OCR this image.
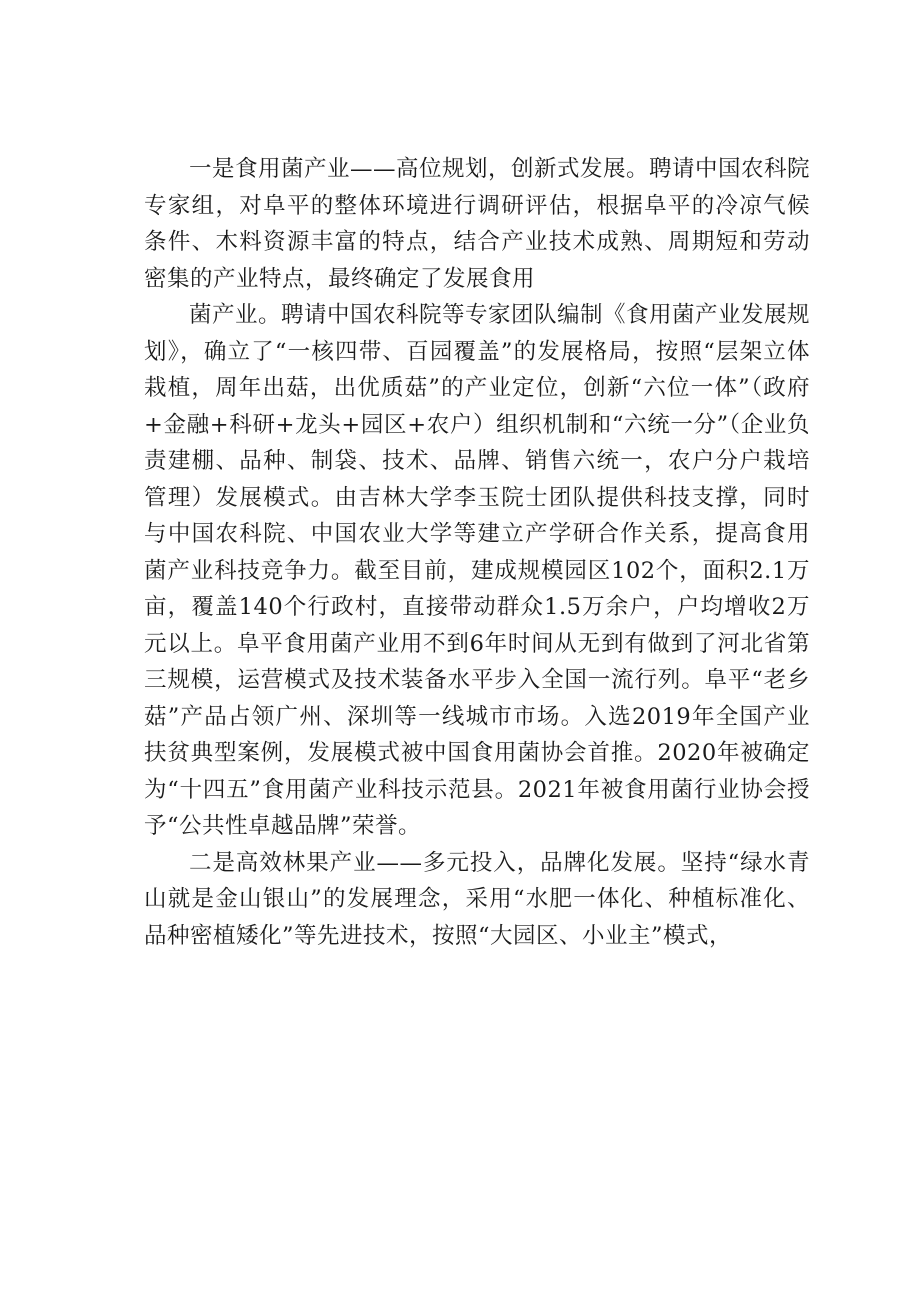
一是食用菌产业——高位规划，创新式发展。聘请中国农科院专家组，对阜平的整体环境进行调研评估，根据阜平的冷凉气候条件、木料资源丰富的特点，结合产业技术成熟、周期短和劳动密集的产业特点，最终确定了发展食用

菌产业。聘请中国农科院等专家团队编制《食用菌产业发展规划》，确立了“一核四带、百园覆盖”的发展格局，按照“层架立体栽植，周年出菇，出优质菇”的产业定位，创新“六位一体”（政府+金融+科研+龙头+园区+农户）组织机制和“六统一分”（企业负责建棚、品种、制袋、技术、品牌、销售六统一，农户分户栽培管理）发展模式。由吉林大学李玉院士团队提供科技支撑，同时与中国农科院、中国农业大学等建立产学研合作关系，提高食用菌产业科技竞争力。截至目前，建成规模园区102个，面积2.1万亩，覆盖140个行政村，直接带动群众1.5万余户，户均增收2万元以上。阜平食用菌产业用不到6年时间从无到有做到了河北省第三规模，运营模式及技术装备水平步入全国一流行列。阜平“老乡菇”产品占领广州、深圳等一线城市市场。入选2019年全国产业扶贫典型案例，发展模式被中国食用菌协会首推。2020年被确定为“十四五”食用菌产业科技示范县。2021年被食用菌行业协会授予“公共性卓越品牌”荣誉。

二是高效林果产业——多元投入，品牌化发展。坚持“绿水青山就是金山银山”的发展理念，采用“水肥一体化、种植标准化、品种密植矮化”等先进技术，按照“大园区、小业主”模式，
